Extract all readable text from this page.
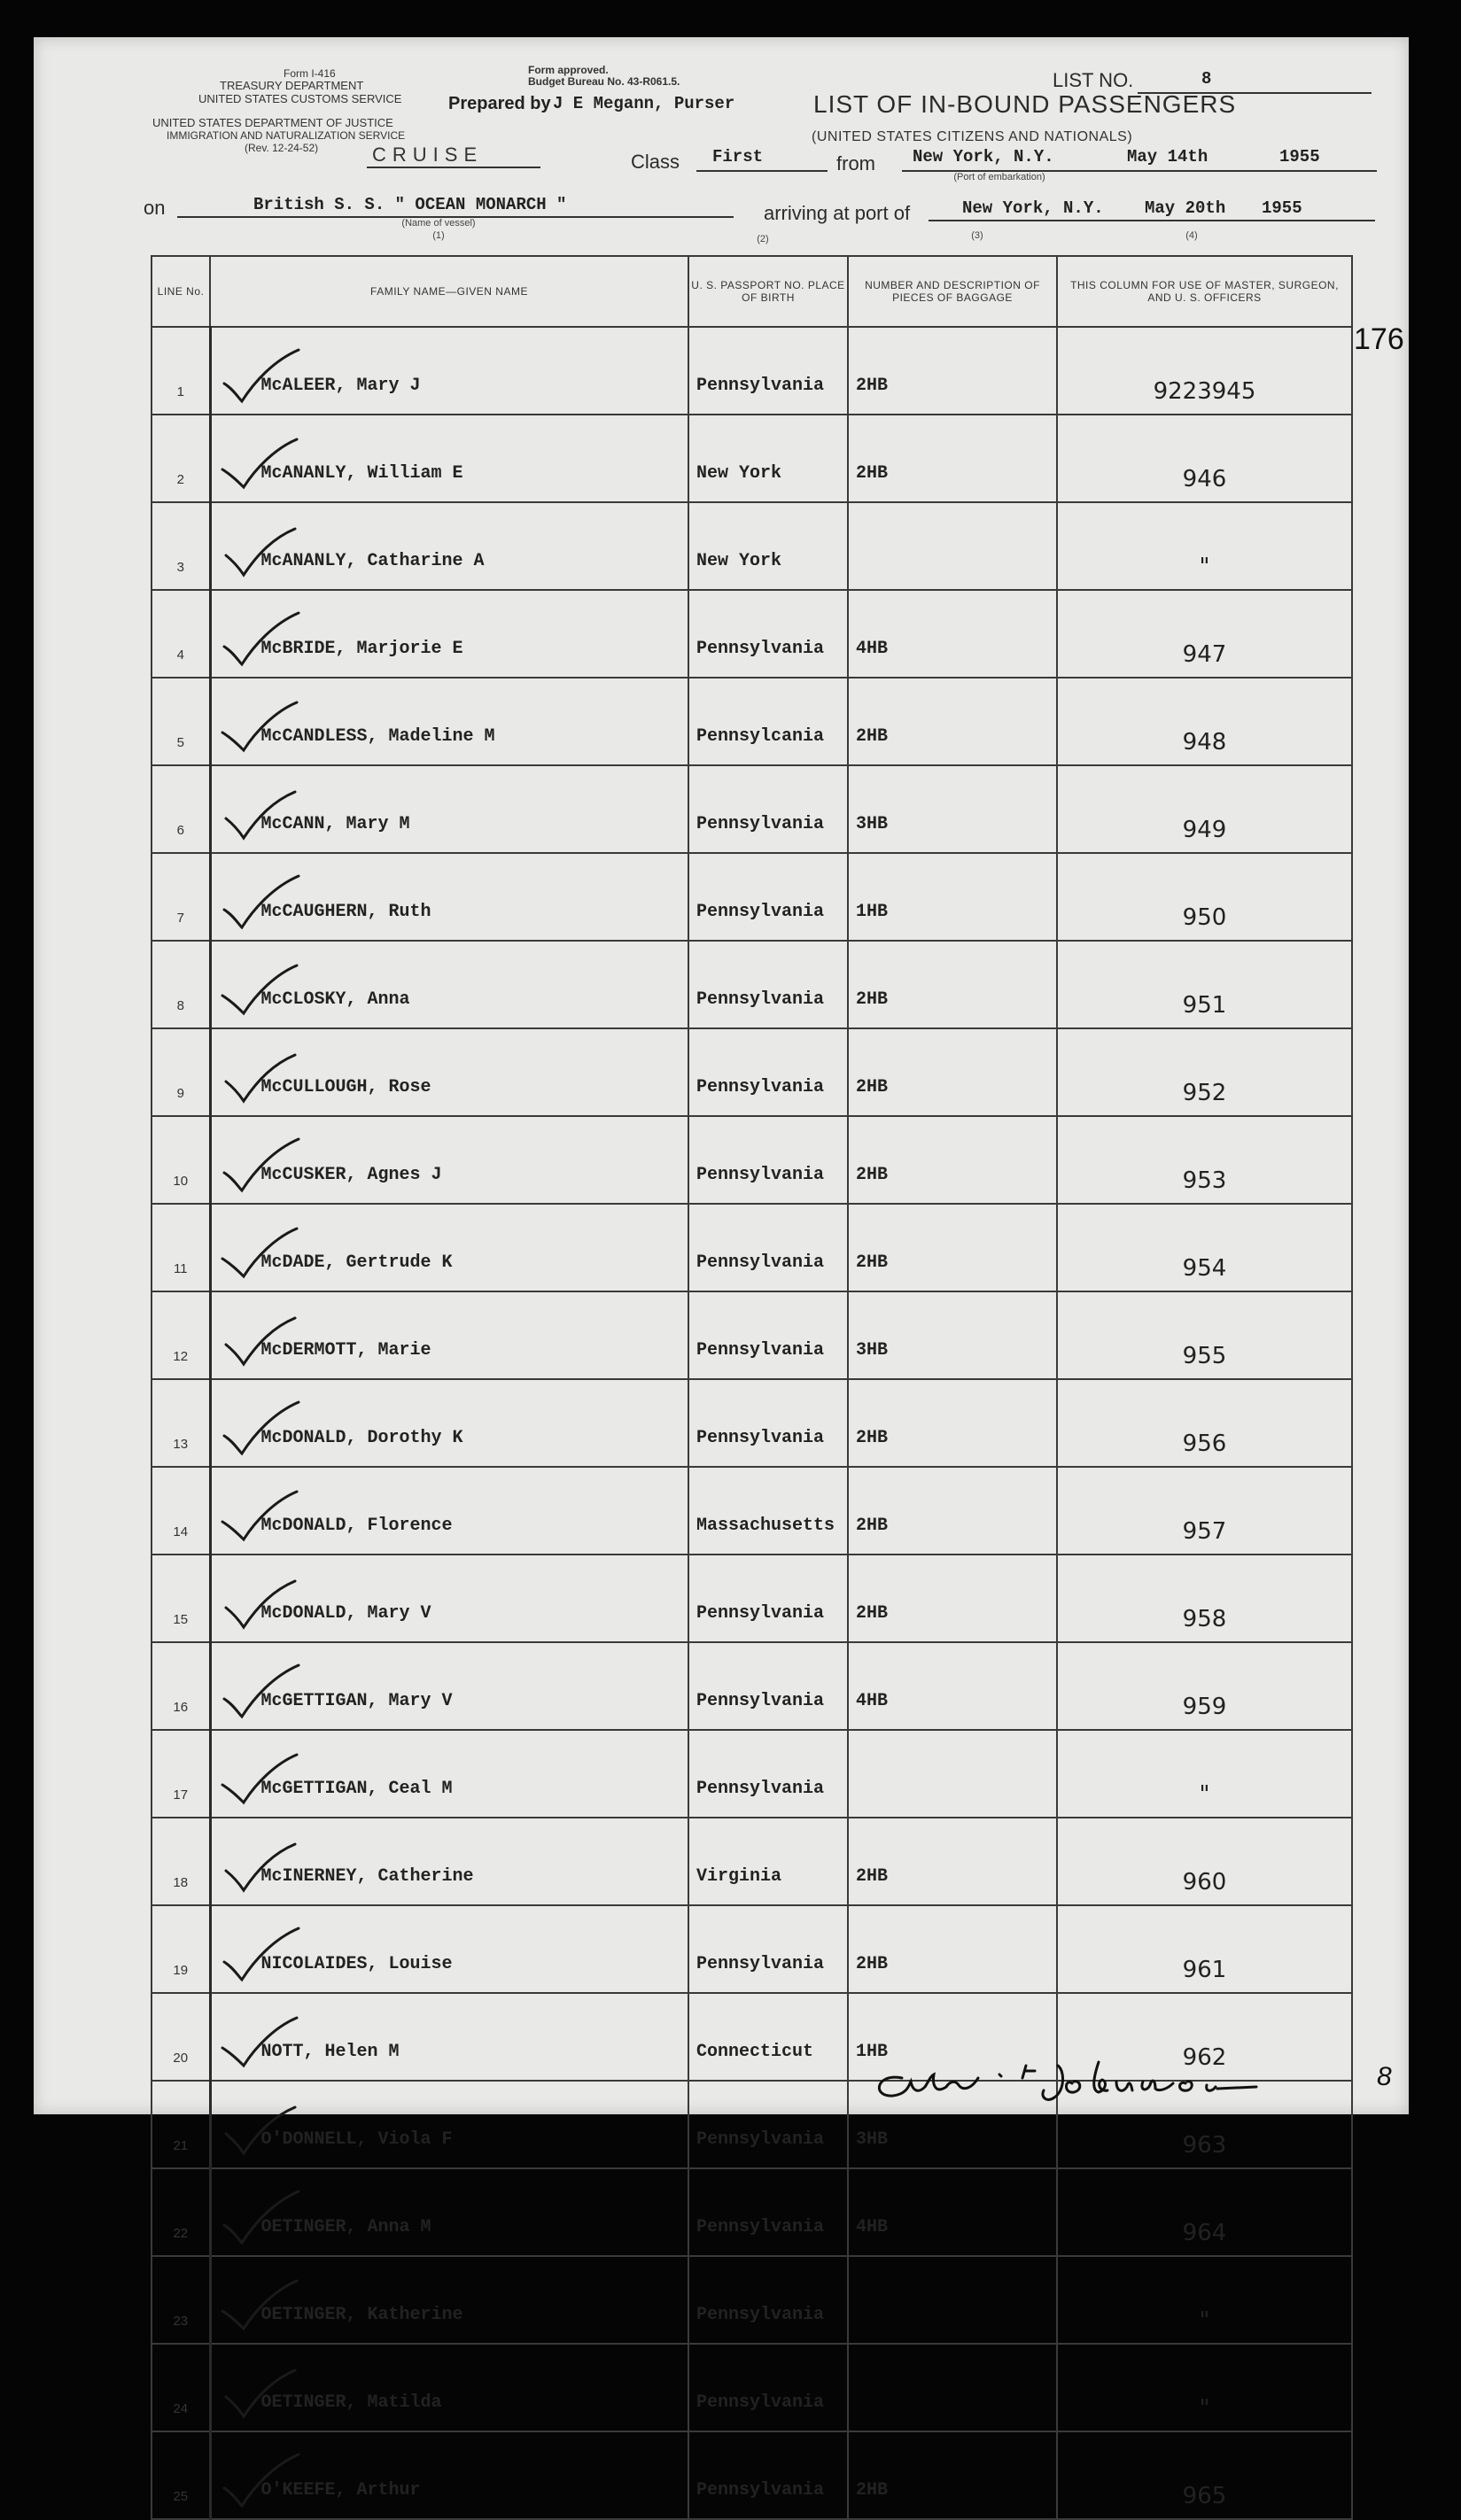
Form I-416
TREASURY DEPARTMENT
UNITED STATES CUSTOMS SERVICE
UNITED STATES DEPARTMENT OF JUSTICE
IMMIGRATION AND NATURALIZATION SERVICE
(Rev. 12-24-52)	CRUISE
Form approved.
Budget Bureau No. 43-R061.5.
Prepared by J E Megann, Purser	LIST OF IN-BOUND PASSENGERS
(UNITED STATES CITIZENS AND NATIONALS)
LIST NO.	8
Class First	from New York, N.Y.	May 14th	1955
(Port of embarkation)
on	British S. S. " OCEAN MONARCH "
(Name of vessel)
(1)
arriving at port of	New York, N.Y. May 20th 1955
(2)	(3)	(4)
176
LINE No.	FAMILY NAME—GIVEN NAME	U. S. PASSPORT NO. PLACE OF BIRTH	NUMBER AND DESCRIPTION OF PIECES OF BAGGAGE	THIS COLUMN FOR USE OF MASTER, SURGEON, AND U. S. OFFICERS
1	McALEER, Mary J	Pennsylvania	2HB	9223945
2	McANANLY, William E	New York	2HB	946
3	McANANLY, Catharine A	New York		"
4	McBRIDE, Marjorie E	Pennsylvania	4HB	947
5	McCANDLESS, Madeline M	Pennsylcania	2HB	948
6	McCANN, Mary M	Pennsylvania	3HB	949
7	McCAUGHERN, Ruth	Pennsylvania	1HB	950
8	McCLOSKY, Anna	Pennsylvania	2HB	951
9	McCULLOUGH, Rose	Pennsylvania	2HB	952
10	McCUSKER, Agnes J	Pennsylvania	2HB	953
11	McDADE, Gertrude K	Pennsylvania	2HB	954
12	McDERMOTT, Marie	Pennsylvania	3HB	955
13	McDONALD, Dorothy K	Pennsylvania	2HB	956
14	McDONALD, Florence	Massachusetts	2HB	957
15	McDONALD, Mary V	Pennsylvania	2HB	958
16	McGETTIGAN, Mary V	Pennsylvania	4HB	959
17	McGETTIGAN, Ceal M	Pennsylvania		"
18	McINERNEY, Catherine	Virginia	2HB	960
19	NICOLAIDES, Louise	Pennsylvania	2HB	961
20	NOTT, Helen M	Connecticut	1HB	962
21	O'DONNELL, Viola F	Pennsylvania	3HB	963
22	OETINGER, Anna M	Pennsylvania	4HB	964
23	OETINGER, Katherine	Pennsylvania		"
24	OETINGER, Matilda	Pennsylvania		"
25	O'KEEFE, Arthur	Pennsylvania	2HB	965
8
